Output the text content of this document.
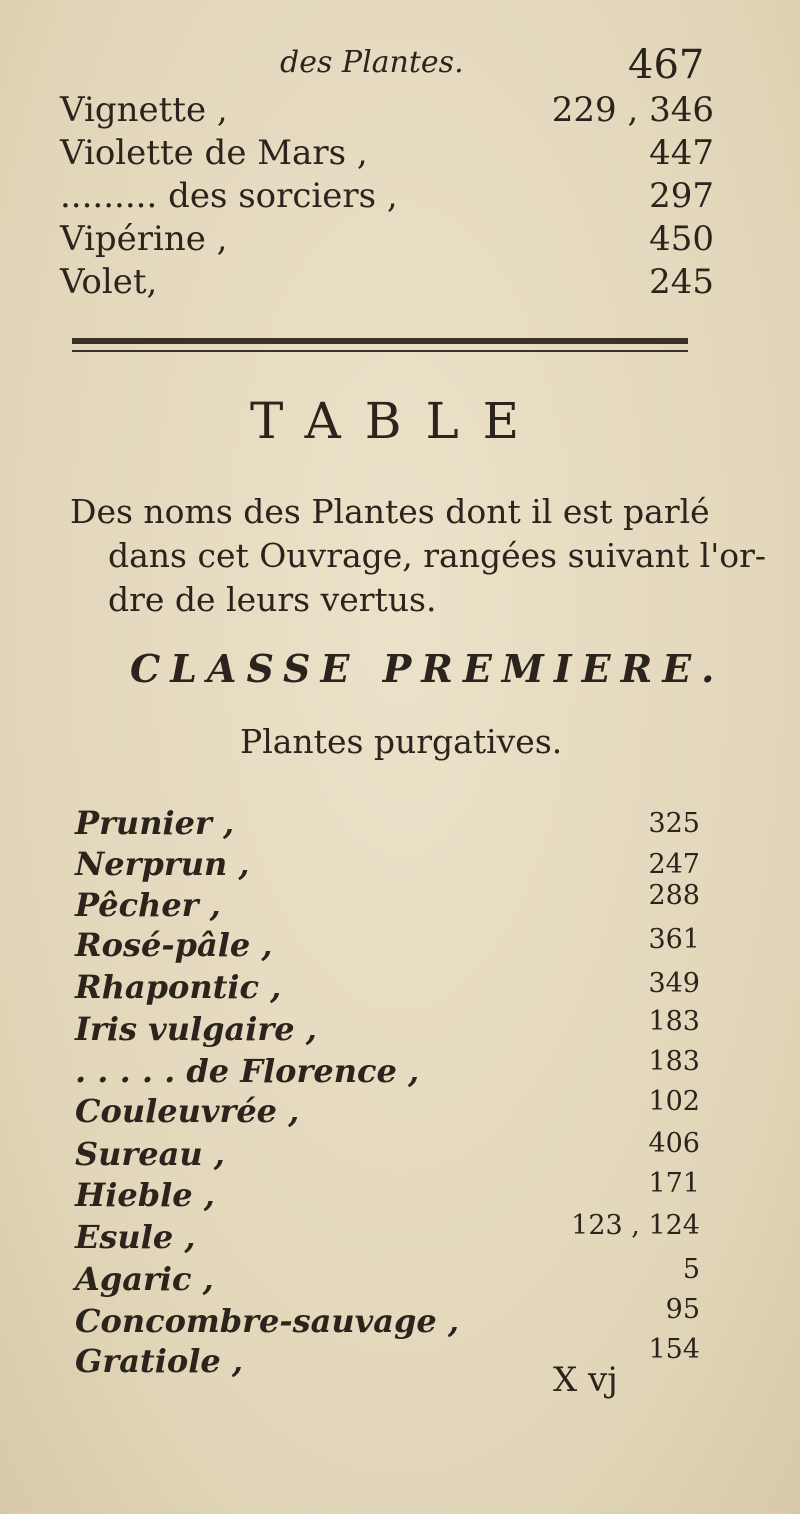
des Plantes.	467
Vignette ,	229 , 346
Violette de Mars ,	447
......... des sorciers ,	297
Vipérine ,	450
Volet,	245
TABLE
Des noms des Plantes dont il est parlé
dans cet Ouvrage, rangées suivant l'or-
dre de leurs vertus.
CLASSE PREMIERE.
Plantes purgatives.
Prunier ,	325
Nerprun ,	247
Pêcher ,	288
Rosé-pâle ,	361
Rhapontic ,	349
Iris vulgaire ,	183
. . . . . de Florence ,	183
Couleuvrée ,	102
Sureau ,	406
Hieble ,	171
Esule ,	123 , 124
Agaric ,	5
Concombre-sauvage ,	95
Gratiole ,	154
X vj
